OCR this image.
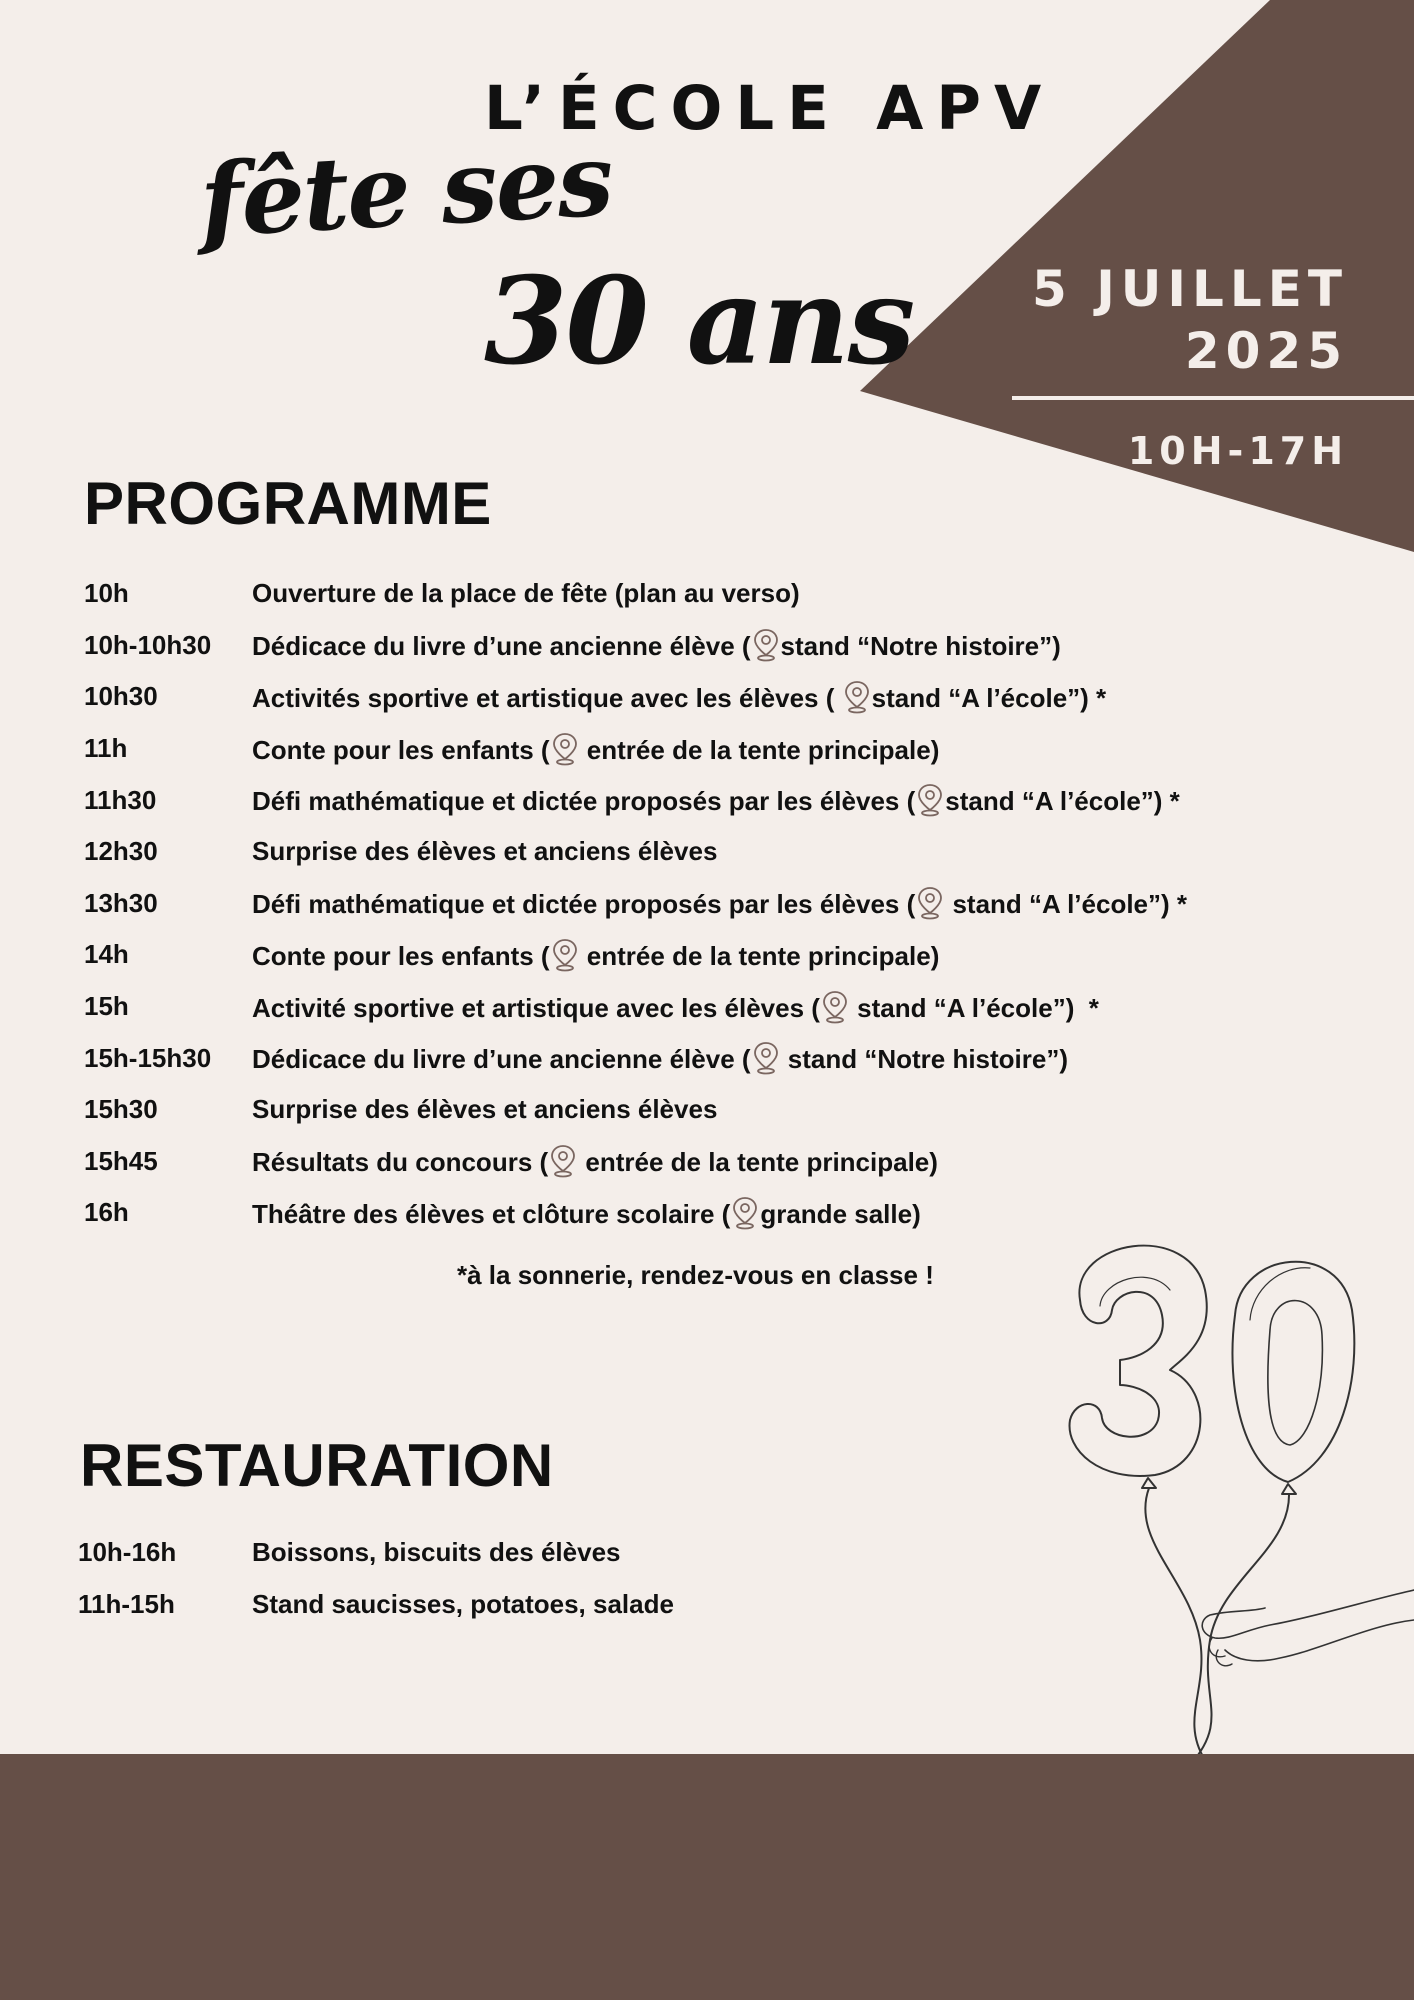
L’ÉCOLE APV
fête ses
30 ans 5 JUILLET
2025
10H-17H
PROGRAMME
10h	Ouverture de la place de fête (plan au verso)
10h-10h30	Dédicace du livre d’une ancienne élève ( stand “Notre histoire”)
10h30	Activités sportive et artistique avec les élèves ( stand “A l’école”) *
11h	Conte pour les enfants ( entrée de la tente principale)
11h30	Défi mathématique et dictée proposés par les élèves ( stand “A l’école”) *
12h30	Surprise des élèves et anciens élèves
13h30	Défi mathématique et dictée proposés par les élèves ( stand “A l’école”) *
14h	Conte pour les enfants ( entrée de la tente principale)
15h	Activité sportive et artistique avec les élèves ( stand “A l’école”)  *
15h-15h30	Dédicace du livre d’une ancienne élève ( stand “Notre histoire”)
15h30	Surprise des élèves et anciens élèves
15h45	Résultats du concours ( entrée de la tente principale)
16h	Théâtre des élèves et clôture scolaire ( grande salle)
*à la sonnerie, rendez-vous en classe !
RESTAURATION
10h-16h	Boissons, biscuits des élèves
11h-15h	Stand saucisses, potatoes, salade
